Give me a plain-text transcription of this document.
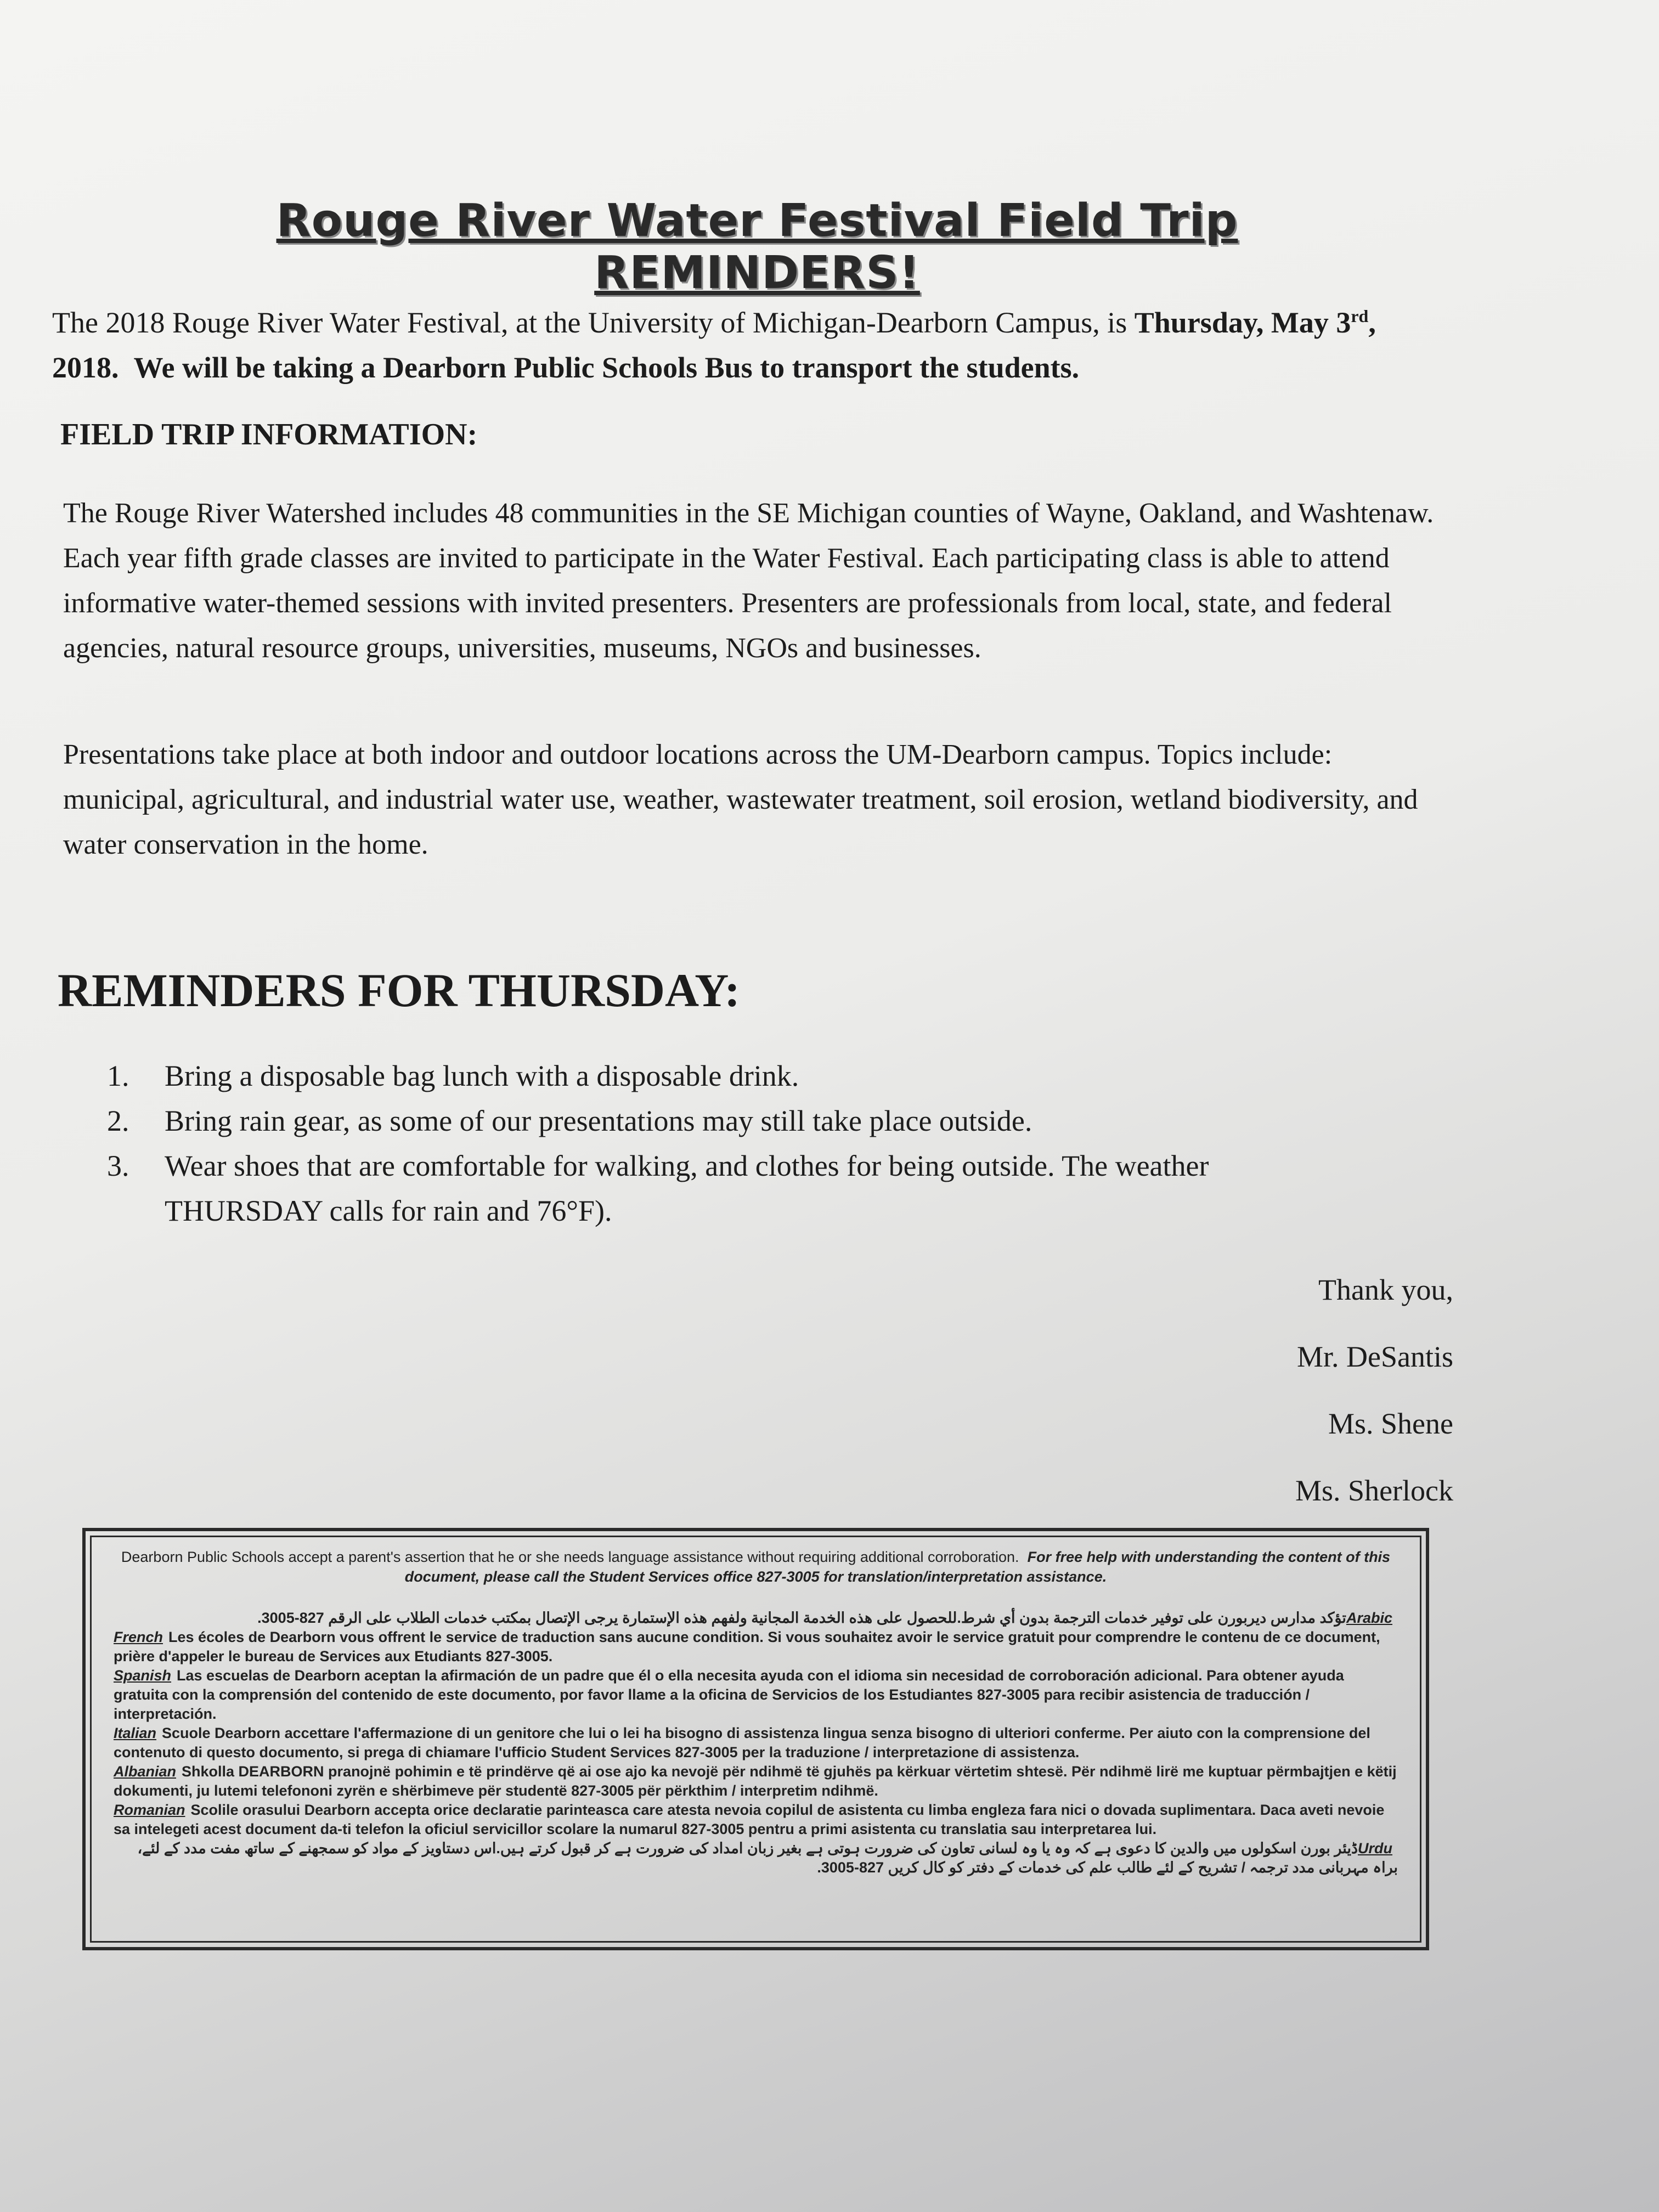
Rouge River Water Festival Field Trip REMINDERS!
The 2018 Rouge River Water Festival, at the University of Michigan-Dearborn Campus, is Thursday, May 3rd, 2018. We will be taking a Dearborn Public Schools Bus to transport the students.
FIELD TRIP INFORMATION:
The Rouge River Watershed includes 48 communities in the SE Michigan counties of Wayne, Oakland, and Washtenaw. Each year fifth grade classes are invited to participate in the Water Festival. Each participating class is able to attend informative water-themed sessions with invited presenters. Presenters are professionals from local, state, and federal agencies, natural resource groups, universities, museums, NGOs and businesses.
Presentations take place at both indoor and outdoor locations across the UM-Dearborn campus. Topics include: municipal, agricultural, and industrial water use, weather, wastewater treatment, soil erosion, wetland biodiversity, and water conservation in the home.
REMINDERS FOR THURSDAY:
1. Bring a disposable bag lunch with a disposable drink.
2. Bring rain gear, as some of our presentations may still take place outside.
3. Wear shoes that are comfortable for walking, and clothes for being outside. The weather THURSDAY calls for rain and 76°F).
Thank you,
Mr. DeSantis
Ms. Shene
Ms. Sherlock
Dearborn Public Schools accept a parent's assertion that he or she needs language assistance without requiring additional corroboration. For free help with understanding the content of this document, please call the Student Services office 827-3005 for translation/interpretation assistance.

Arabicتؤكد مدارس ديربورن على توفير خدمات الترجمة بدون أي شرط.للحصول على هذه الخدمة المجانية ولفهم هذه الإستمارة يرجى الإتصال بمكتب خدمات الطلاب على الرقم 827-3005.

French Les écoles de Dearborn vous offrent le service de traduction sans aucune condition. Si vous souhaitez avoir le service gratuit pour comprendre le contenu de ce document, prière d'appeler le bureau de Services aux Etudiants 827-3005.

Spanish Las escuelas de Dearborn aceptan la afirmación de un padre que él o ella necesita ayuda con el idioma sin necesidad de corroboración adicional. Para obtener ayuda gratuita con la comprensión del contenido de este documento, por favor llame a la oficina de Servicios de los Estudiantes 827-3005 para recibir asistencia de traducción / interpretación.

Italian Scuole Dearborn accettare l'affermazione di un genitore che lui o lei ha bisogno di assistenza lingua senza bisogno di ulteriori conferme. Per aiuto con la comprensione del contenuto di questo documento, si prega di chiamare l'ufficio Student Services 827-3005 per la traduzione / interpretazione di assistenza.

Albanian Shkolla DEARBORN pranojnë pohimin e të prindërve që ai ose ajo ka nevojë për ndihmë të gjuhës pa kërkuar vërtetim shtesë. Për ndihmë lirë me kuptuar përmbajtjen e këtij dokumenti, ju lutemi telefononi zyrën e shërbimeve për studentë 827-3005 për përkthim / interpretim ndihmë.

Romanian Scolile orasului Dearborn accepta orice declaratie parinteasca care atesta nevoia copilul de asistenta cu limba engleza fara nici o dovada suplimentara. Daca aveti nevoie sa intelegeti acest document da-ti telefon la oficiul servicillor scolare la numarul 827-3005 pentru a primi asistenta cu translatia sau interpretarea lui.

Urduڈیئر بورن اسکولوں میں والدین کا دعوی ہے کہ وہ یا وہ لسانی تعاون کی ضرورت ہوتی ہے بغیر زبان امداد کی ضرورت ہے کر قبول کرتے ہیں.اس دستاویز کے مواد کو سمجھنے کے ساتھ مفت مدد کے لئے، براہ مہربانی مدد ترجمہ / تشریح کے لئے طالب علم کی خدمات کے دفتر کو کال کریں 827-3005.
